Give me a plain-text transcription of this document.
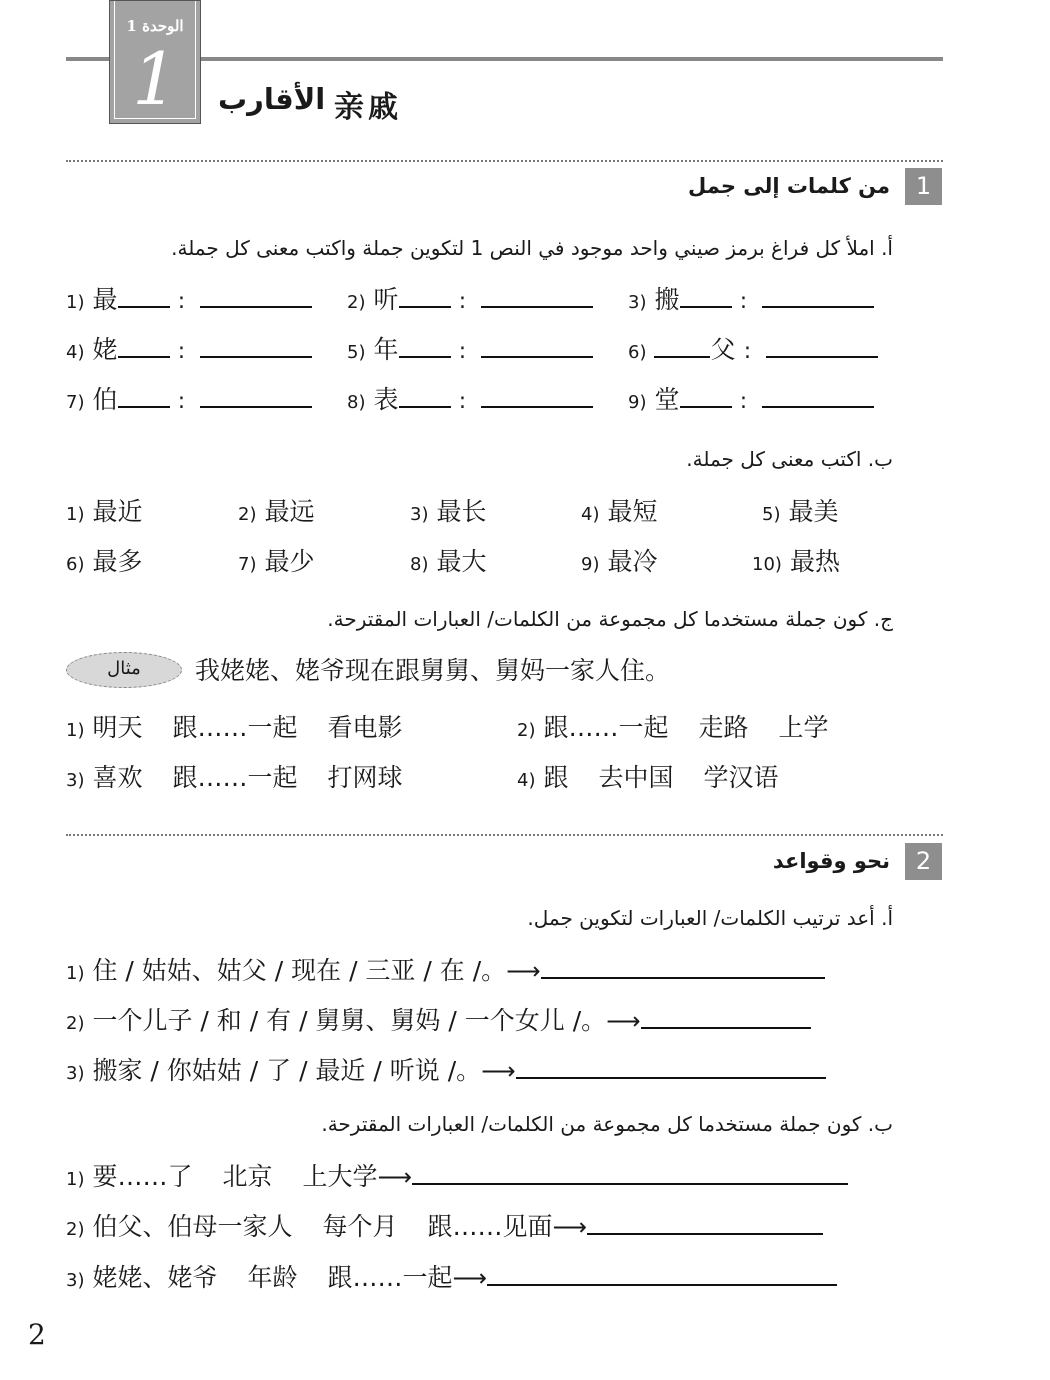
الوحدة 1
1	亲戚
الأقارب
1
من كلمات إلى جمل
أ. املأ كل فراغ برمز صيني واحد موجود في النص 1 لتكوين جملة واكتب معنى كل جملة.
1) 最	:	2) 听	:	3) 搬	:
4) 姥	:	5) 年	:	6)	父 :
7) 伯	:	8) 表	:	9) 堂	:
ب. اكتب معنى كل جملة.
1) 最近	2) 最远	3) 最长	4) 最短	5) 最美
6) 最多	7) 最少	8) 最大	9) 最冷	10) 最热
ج. كون جملة مستخدما كل مجموعة من الكلمات/ العبارات المقترحة.
مثال	我姥姥、姥爷现在跟舅舅、舅妈一家人住。
1) 明天 跟……一起 看电影	2) 跟……一起 走路 上学
3) 喜欢 跟……一起 打网球	4) 跟 去中国 学汉语
2
نحو وقواعد
أ. أعد ترتيب الكلمات/ العبارات لتكوين جمل.
1) 住 / 姑姑、姑父 / 现在 / 三亚 / 在 /。⟶
2) 一个儿子 / 和 / 有 / 舅舅、舅妈 / 一个女儿 /。⟶
3) 搬家 / 你姑姑 / 了 / 最近 / 听说 /。⟶
ب. كون جملة مستخدما كل مجموعة من الكلمات/ العبارات المقترحة.
1) 要……了 北京 上大学⟶
2) 伯父、伯母一家人 每个月 跟……见面⟶
3) 姥姥、姥爷 年龄 跟……一起⟶
2
